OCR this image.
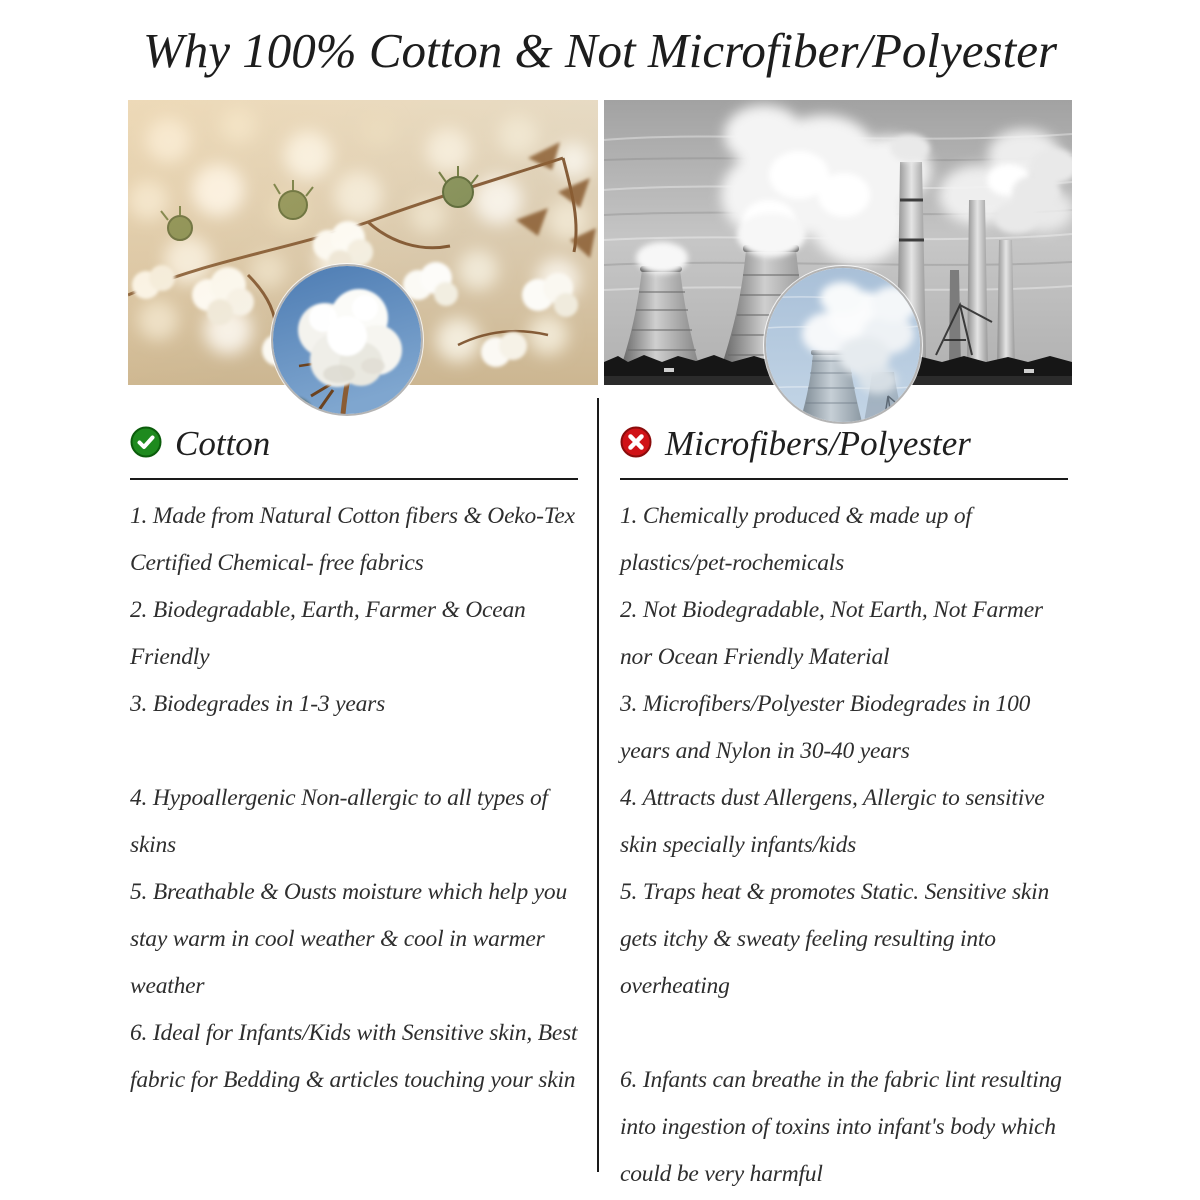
Why 100% Cotton & Not Microfiber/Polyester
Cotton

1. Made from Natural Cotton fibers & Oeko-Tex Certified Chemical- free fabrics

2. Biodegradable, Earth, Farmer & Ocean Friendly

3. Biodegrades in 1-3 years

4. Hypoallergenic Non-allergic to all types of skins

5. Breathable & Ousts moisture which help you stay warm in cool weather & cool in warmer weather

6. Ideal for Infants/Kids with Sensitive skin, Best fabric for Bedding & articles touching your skin

Microfibers/Polyester

1. Chemically produced & made up of plastics/pet-rochemicals

2. Not Biodegradable, Not Earth, Not Farmer nor Ocean Friendly Material

3. Microfibers/Polyester Biodegrades in 100 years and Nylon in 30-40 years

4. Attracts dust Allergens, Allergic to sensitive skin specially infants/kids

5. Traps heat & promotes Static. Sensitive skin gets itchy & sweaty feeling resulting into overheating

6. Infants can breathe in the fabric lint resulting into ingestion of toxins into infant's body which could be very harmful
